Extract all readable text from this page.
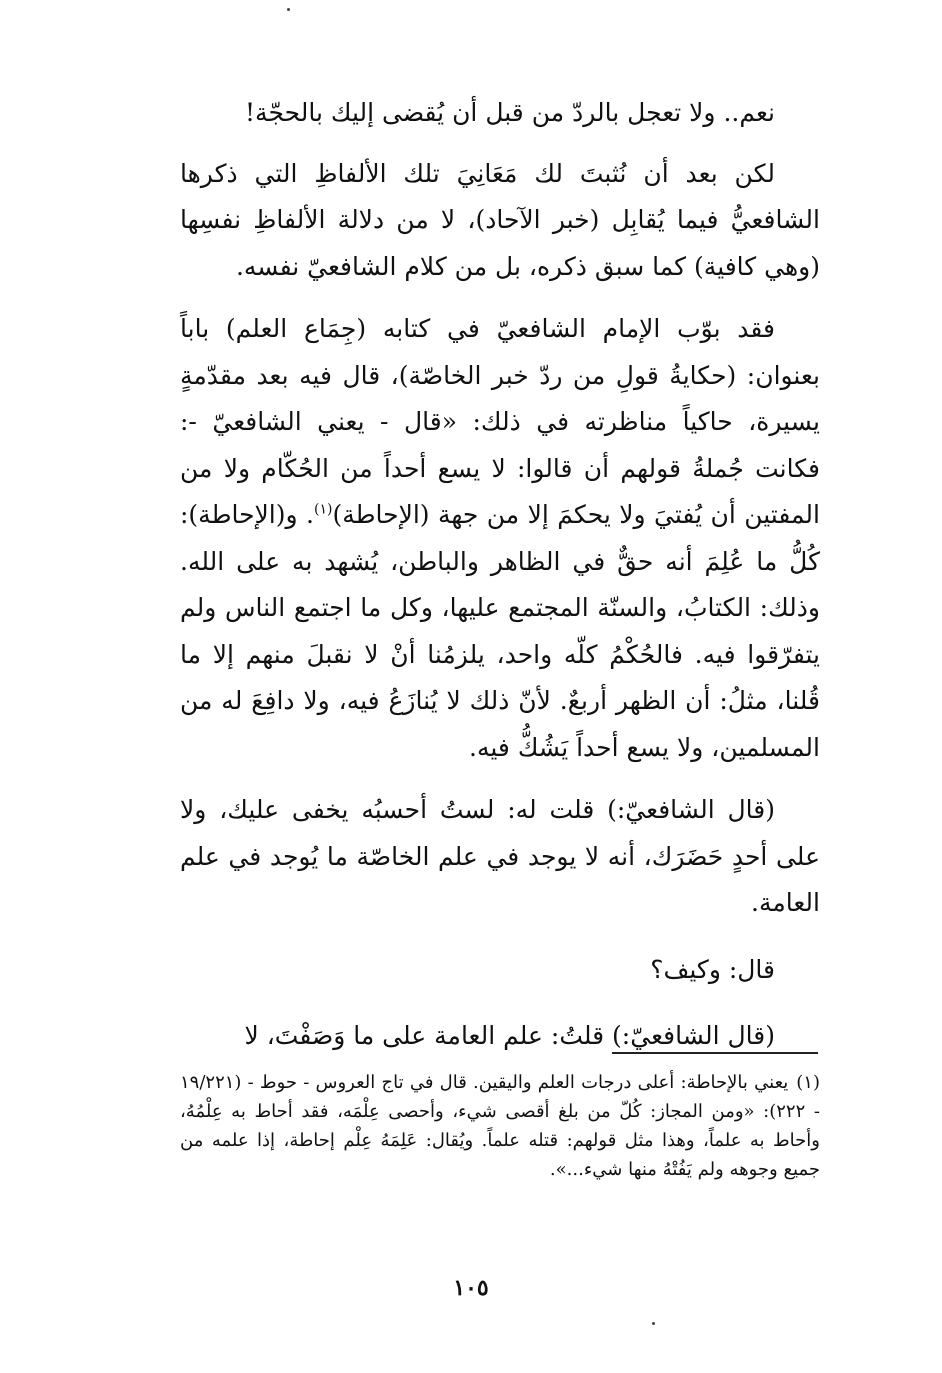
نعم.. ولا تعجل بالردّ من قبل أن يُقضى إليك بالحجّة!

لكن بعد أن نُثبتَ لك مَعَانِيَ تلك الألفاظِ التي ذكرها الشافعيُّ فيما يُقابِل (خبر الآحاد)، لا من دلالة الألفاظِ نفسِها (وهي كافية) كما سبق ذكره، بل من كلام الشافعيّ نفسه.

فقد بوّب الإمام الشافعيّ في كتابه (جِمَاع العلم) باباً بعنوان: (حكايةُ قولِ من ردّ خبر الخاصّة)، قال فيه بعد مقدّمةٍ يسيرة، حاكياً مناظرته في ذلك: «قال - يعني الشافعيّ -: فكانت جُملةُ قولهم أن قالوا: لا يسع أحداً من الحُكّام ولا من المفتين أن يُفتيَ ولا يحكمَ إلا من جهة (الإحاطة)$^{(١)}$. و(الإحاطة): كُلُّ ما عُلِمَ أنه حقٌّ في الظاهر والباطن، يُشهد به على الله. وذلك: الكتابُ، والسنّة المجتمع عليها، وكل ما اجتمع الناس ولم يتفرّقوا فيه. فالحُكْمُ كلّه واحد، يلزمُنا أنْ لا نقبلَ منهم إلا ما قُلنا، مثلُ: أن الظهر أربعٌ. لأنّ ذلك لا يُنازَعُ فيه، ولا دافِعَ له من المسلمين، ولا يسع أحداً يَشُكُّ فيه.

(قال الشافعيّ:) قلت له: لستُ أحسبُه يخفى عليك، ولا على أحدٍ حَضَرَك، أنه لا يوجد في علم الخاصّة ما يُوجد في علم العامة.

قال: وكيف؟

(قال الشافعيّ:) قلتُ: علم العامة على ما وَصَفْتَ، لا

(١)يعني بالإحاطة: أعلى درجات العلم واليقين. قال في تاج العروس - حوط - (١٩/٢٢١ - ٢٢٢): «ومن المجاز: كُلّ من بلغ أقصى شيء، وأحصى عِلْمَه، فقد أحاط به عِلْمُهُ، وأحاط به علماً، وهذا مثل قولهم: قتله علماً. ويُقال: عَلِمَهُ عِلْم إحاطة، إذا علمه من جميع وجوهه ولم يَفُتْهُ منها شيء...».
١٠٥
